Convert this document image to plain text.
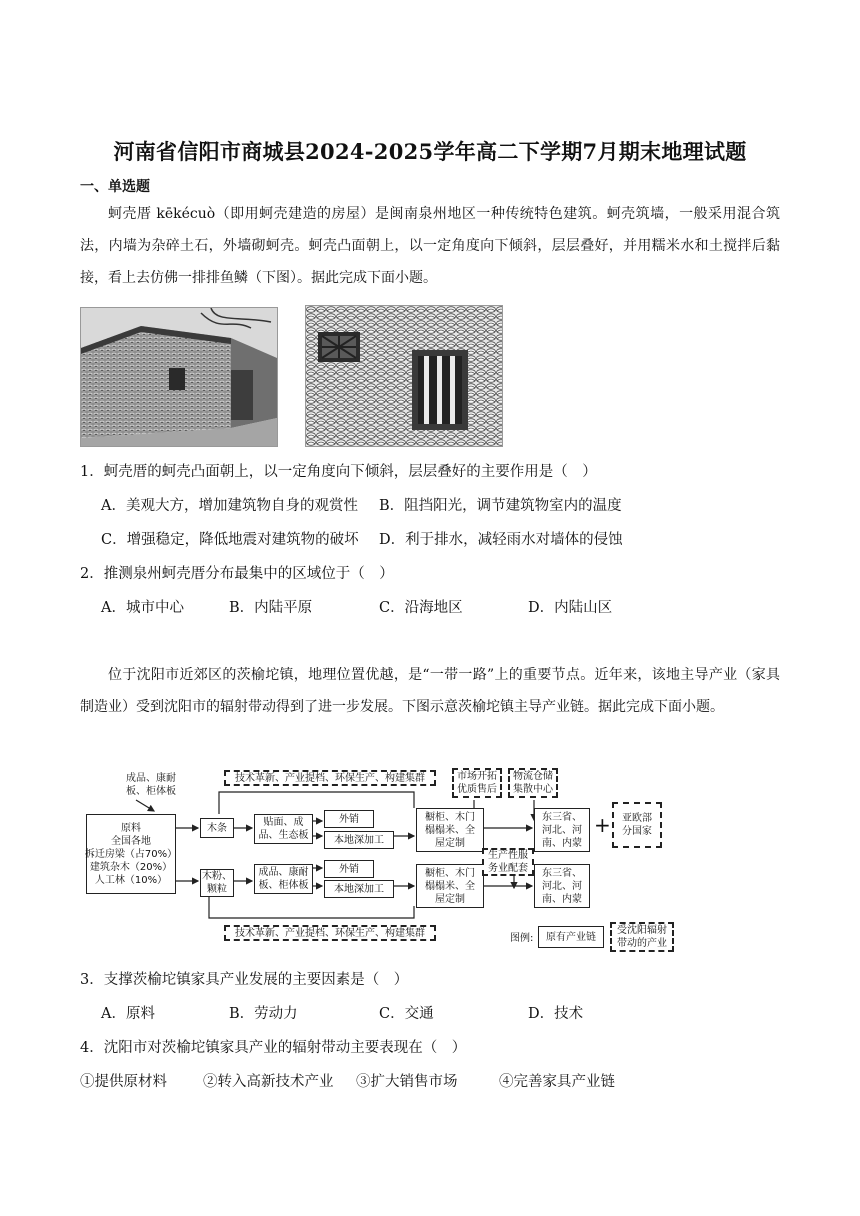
河南省信阳市商城县2024-2025学年高二下学期7月期末地理试题
一、单选题
蚵壳厝 kēkécuò（即用蚵壳建造的房屋）是闽南泉州地区一种传统特色建筑。蚵壳筑墙，一般采用混合筑法，内墙为杂碎土石，外墙砌蚵壳。蚵壳凸面朝上，以一定角度向下倾斜，层层叠好，并用糯米水和土搅拌后黏接，看上去仿佛一排排鱼鳞（下图）。据此完成下面小题。
1．蚵壳厝的蚵壳凸面朝上，以一定角度向下倾斜，层层叠好的主要作用是（　）
A．美观大方，增加建筑物自身的观赏性 B．阻挡阳光，调节建筑物室内的温度
C．增强稳定，降低地震对建筑物的破坏 D．利于排水，减轻雨水对墙体的侵蚀
2．推测泉州蚵壳厝分布最集中的区域位于（　）
A．城市中心	B．内陆平原	C．沿海地区	D．内陆山区
位于沈阳市近郊区的茨榆坨镇，地理位置优越，是“一带一路”上的重要节点。近年来，该地主导产业（家具制造业）受到沈阳市的辐射带动得到了进一步发展。下图示意茨榆坨镇主导产业链。据此完成下面小题。
成品、康耐
板、柜体板
原料
全国各地
拆迁房梁（占70%）
建筑杂木（20%）
人工林（10%）
木条
木粉、
颗粒
贴面、成
品、生态板
成品、康耐
板、柜体板
外销
本地深加工
外销
本地深加工
橱柜、木门
榻榻米、全
屋定制
橱柜、木门
榻榻米、全
屋定制
东三省、
河北、河
南、内蒙
东三省、
河北、河
南、内蒙
+	亚欧部
分国家
技术革新、产业提档、环保生产、构建集群
技术革新、产业提档、环保生产、构建集群
市场开拓
优质售后
物流仓储
集散中心
生产性服
务业配套
图例:	原有产业链
受沈阳辐射
带动的产业
3．支撑茨榆坨镇家具产业发展的主要因素是（　）
A．原料	B．劳动力	C．交通	D．技术
4．沈阳市对茨榆坨镇家具产业的辐射带动主要表现在（　）
①提供原材料 ②转入高新技术产业 ③扩大销售市场	④完善家具产业链
